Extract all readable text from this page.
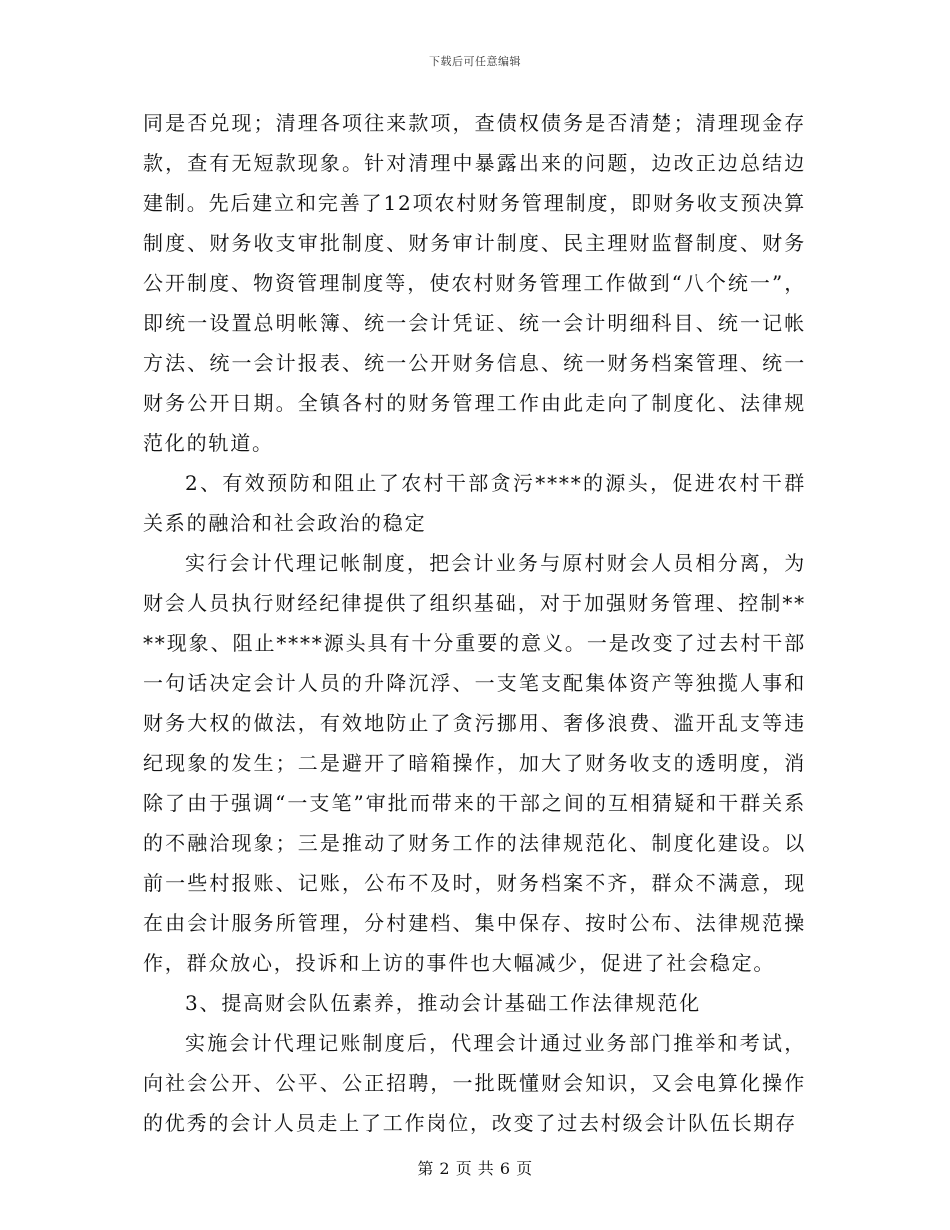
下载后可任意编辑

同是否兑现；清理各项往来款项，查债权债务是否清楚；清理现金存款，查有无短款现象。针对清理中暴露出来的问题，边改正边总结边建制。先后建立和完善了12项农村财务管理制度，即财务收支预决算制度、财务收支审批制度、财务审计制度、民主理财监督制度、财务公开制度、物资管理制度等，使农村财务管理工作做到“八个统一”，即统一设置总明帐簿、统一会计凭证、统一会计明细科目、统一记帐方法、统一会计报表、统一公开财务信息、统一财务档案管理、统一财务公开日期。全镇各村的财务管理工作由此走向了制度化、法律规范化的轨道。

2、有效预防和阻止了农村干部贪污****的源头，促进农村干群关系的融洽和社会政治的稳定

实行会计代理记帐制度，把会计业务与原村财会人员相分离，为财会人员执行财经纪律提供了组织基础，对于加强财务管理、控制****现象、阻止****源头具有十分重要的意义。一是改变了过去村干部一句话决定会计人员的升降沉浮、一支笔支配集体资产等独揽人事和财务大权的做法，有效地防止了贪污挪用、奢侈浪费、滥开乱支等违纪现象的发生；二是避开了暗箱操作，加大了财务收支的透明度，消除了由于强调“一支笔”审批而带来的干部之间的互相猜疑和干群关系的不融洽现象；三是推动了财务工作的法律规范化、制度化建设。以前一些村报账、记账，公布不及时，财务档案不齐，群众不满意，现在由会计服务所管理，分村建档、集中保存、按时公布、法律规范操作，群众放心，投诉和上访的事件也大幅减少，促进了社会稳定。

3、提高财会队伍素养，推动会计基础工作法律规范化

实施会计代理记账制度后，代理会计通过业务部门推举和考试，向社会公开、公平、公正招聘，一批既懂财会知识，又会电算化操作的优秀的会计人员走上了工作岗位，改变了过去村级会计队伍长期存

第 2 页 共 6 页
